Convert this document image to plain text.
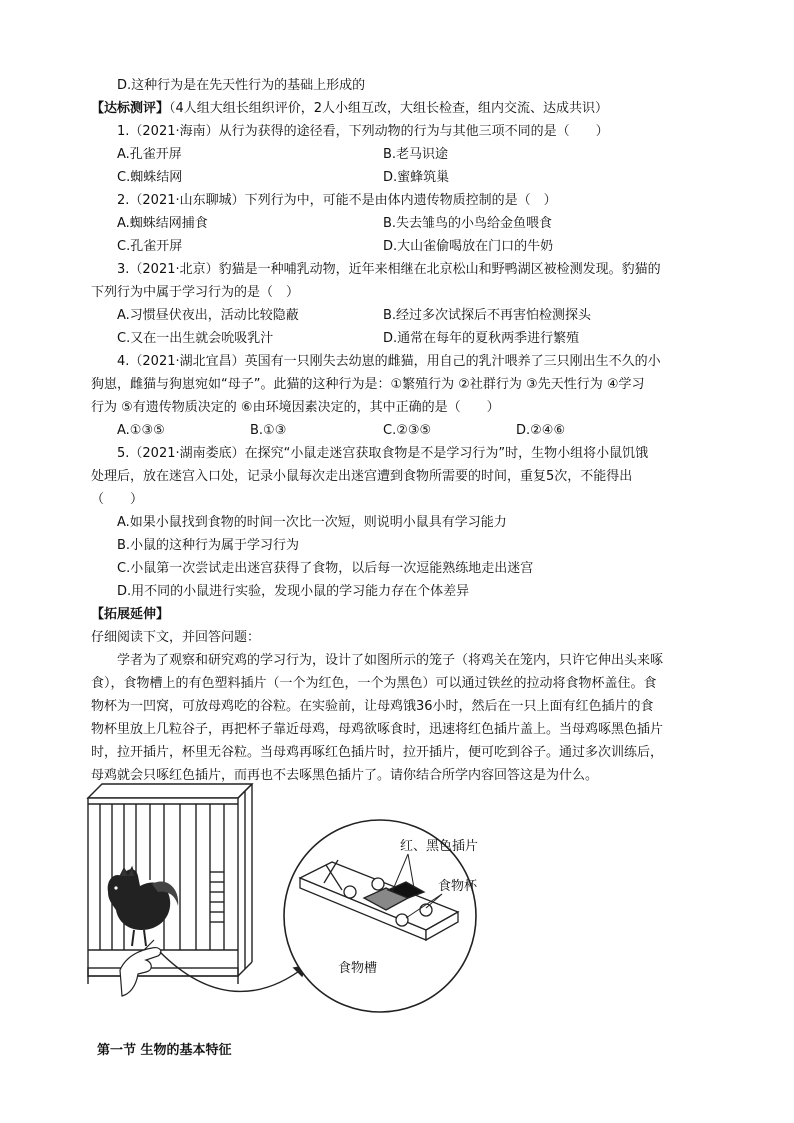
D.这种行为是在先天性行为的基础上形成的
【达标测评】（4人组大组长组织评价，2人小组互改，大组长检查，组内交流、达成共识）
1.（2021·海南）从行为获得的途径看，下列动物的行为与其他三项不同的是（　　）
A.孔雀开屏	B.老马识途
C.蜘蛛结网	D.蜜蜂筑巢
2.（2021·山东聊城）下列行为中，可能不是由体内遗传物质控制的是（　）
A.蜘蛛结网捕食	B.失去雏鸟的小鸟给金鱼喂食
C.孔雀开屏	D.大山雀偷喝放在门口的牛奶
3.（2021·北京）豹猫是一种哺乳动物，近年来相继在北京松山和野鸭湖区被检测发现。豹猫的
下列行为中属于学习行为的是（　）
A.习惯昼伏夜出，活动比较隐蔽	B.经过多次试探后不再害怕检测探头
C.又在一出生就会吮吸乳汁	D.通常在每年的夏秋两季进行繁殖
4.（2021·湖北宜昌）英国有一只刚失去幼崽的雌猫，用自己的乳汁喂养了三只刚出生不久的小
狗崽，雌猫与狗崽宛如“母子”。此猫的这种行为是：①繁殖行为 ②社群行为 ③先天性行为 ④学习
行为 ⑤有遗传物质决定的 ⑥由环境因素决定的，其中正确的是（　　）
A.①③⑤	B.①③	C.②③⑤	D.②④⑥
5.（2021·湖南娄底）在探究“小鼠走迷宫获取食物是不是学习行为”时，生物小组将小鼠饥饿
处理后，放在迷宫入口处，记录小鼠每次走出迷宫遭到食物所需要的时间，重复5次，不能得出
（　　）
A.如果小鼠找到食物的时间一次比一次短，则说明小鼠具有学习能力
B.小鼠的这种行为属于学习行为
C.小鼠第一次尝试走出迷宫获得了食物，以后每一次逗能熟练地走出迷宫
D.用不同的小鼠进行实验，发现小鼠的学习能力存在个体差异
【拓展延伸】
仔细阅读下文，并回答问题：
学者为了观察和研究鸡的学习行为，设计了如图所示的笼子（将鸡关在笼内，只许它伸出头来啄
食），食物槽上的有色塑料插片（一个为红色，一个为黑色）可以通过铁丝的拉动将食物杯盖住。食
物杯为一凹窝，可放母鸡吃的谷粒。在实验前，让母鸡饿36小时，然后在一只上面有红色插片的食
物杯里放上几粒谷子，再把杯子靠近母鸡，母鸡欲啄食时，迅速将红色插片盖上。当母鸡啄黑色插片
时，拉开插片，杯里无谷粒。当母鸡再啄红色插片时，拉开插片，便可吃到谷子。通过多次训练后，
母鸡就会只啄红色插片，而再也不去啄黑色插片了。请你结合所学内容回答这是为什么。
红、黑色插片
食物杯
食物槽
第一节 生物的基本特征
